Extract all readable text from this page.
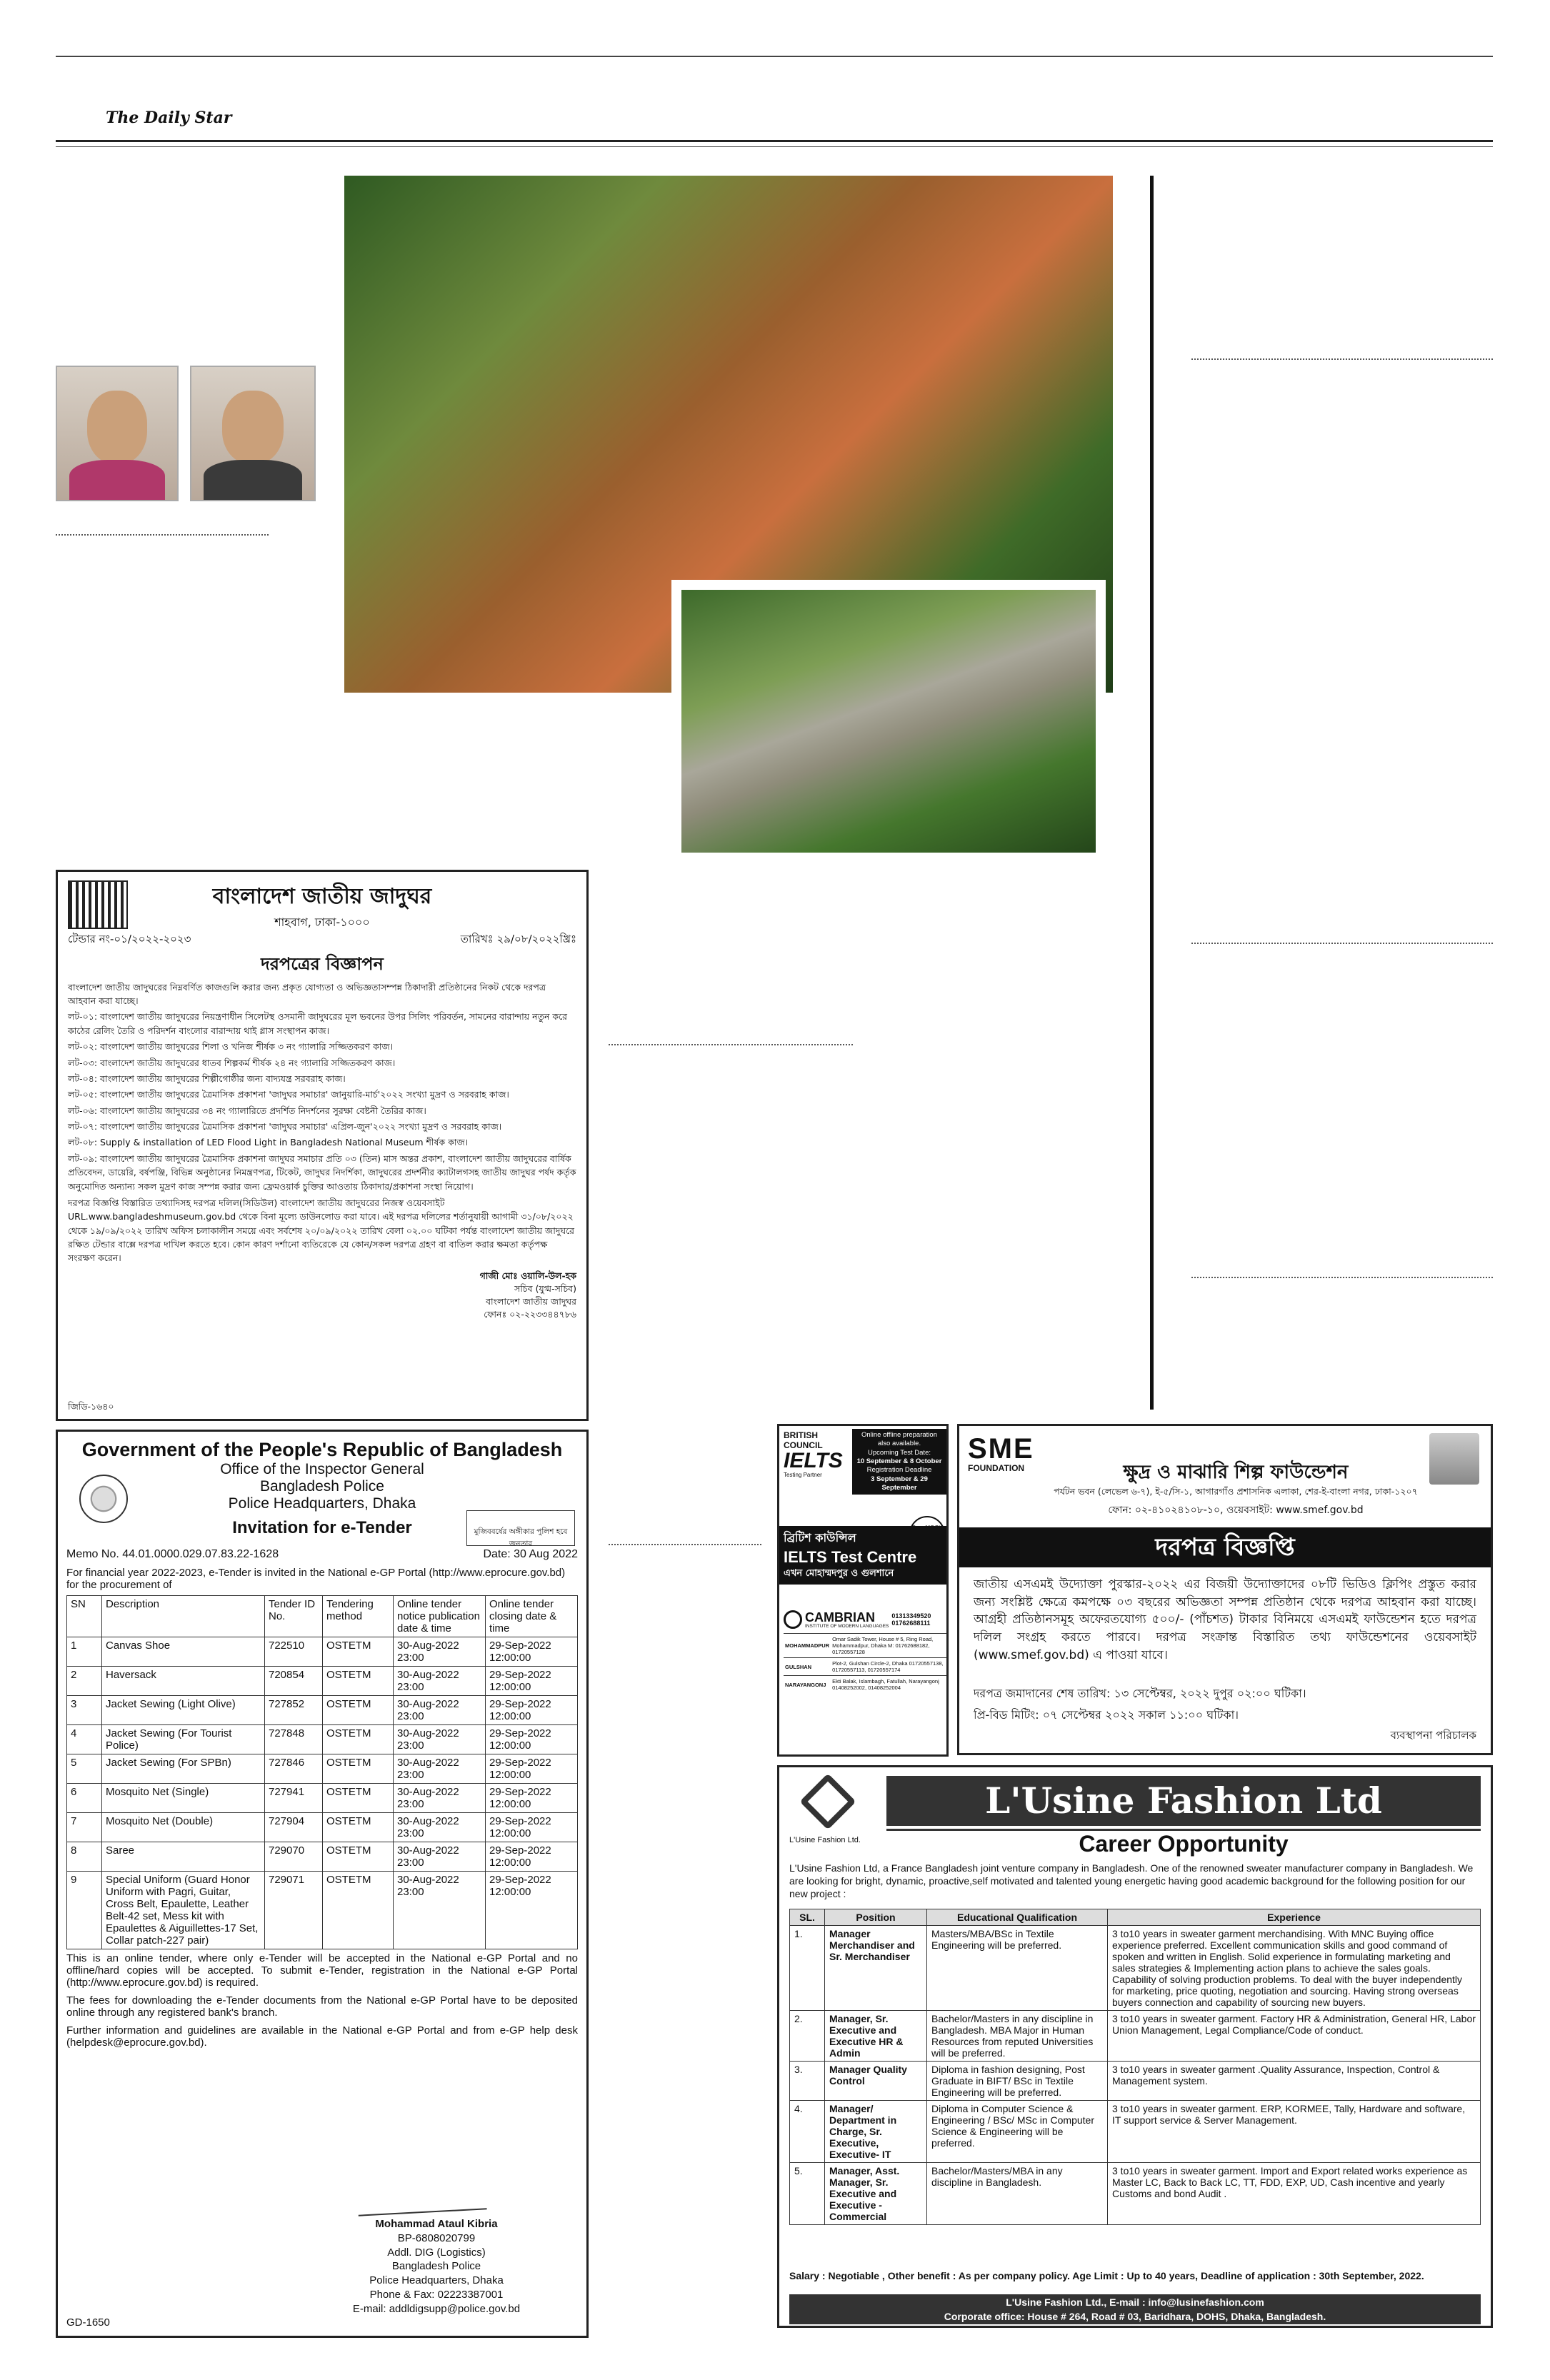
The Daily Star
বাংলাদেশ জাতীয় জাদুঘর
শাহবাগ, ঢাকা-১০০০
টেন্ডার নং-০১/২০২২-২০২৩	তারিখঃ ২৯/০৮/২০২২খ্রিঃ
দরপত্রের বিজ্ঞাপন
বাংলাদেশ জাতীয় জাদুঘরের নিম্নবর্ণিত কাজগুলি করার জন্য প্রকৃত যোগ্যতা ও অভিজ্ঞতাসম্পন্ন ঠিকাদারী প্রতিষ্ঠানের নিকট থেকে দরপত্র আহবান করা যাচ্ছে।
লট-০১: বাংলাদেশ জাতীয় জাদুঘরের নিয়ন্ত্রণাধীন সিলেটস্থ ওসমানী জাদুঘরের মূল ভবনের উপর সিলিং পরিবর্তন, সামনের বারান্দায় নতুন করে কাঠের রেলিং তৈরি ও পরিদর্শন বাংলোর বারান্দায় থাই গ্লাস সংস্থাপন কাজ।
লট-০২: বাংলাদেশ জাতীয় জাদুঘরের শিলা ও খনিজ শীর্ষক ৩ নং গ্যালারি সজ্জিতকরণ কাজ।
লট-০৩: বাংলাদেশ জাতীয় জাদুঘরের ধাতব শিল্পকর্ম শীর্ষক ২৪ নং গ্যালারি সজ্জিতকরণ কাজ।
লট-০৪: বাংলাদেশ জাতীয় জাদুঘরের শিল্পীগোষ্ঠীর জন্য বাদ্যযন্ত্র সরবরাহ কাজ।
লট-০৫: বাংলাদেশ জাতীয় জাদুঘরের ত্রৈমাসিক প্রকাশনা 'জাদুঘর সমাচার' জানুয়ারি-মার্চ'২০২২ সংখ্যা মুদ্রণ ও সরবরাহ কাজ।
লট-০৬: বাংলাদেশ জাতীয় জাদুঘরের ৩৪ নং গ্যালারিতে প্রদর্শিত নিদর্শনের সুরক্ষা বেষ্টনী তৈরির কাজ।
লট-০৭: বাংলাদেশ জাতীয় জাদুঘরের ত্রৈমাসিক প্রকাশনা 'জাদুঘর সমাচার' এপ্রিল-জুন'২০২২ সংখ্যা মুদ্রণ ও সরবরাহ কাজ।
লট-০৮: Supply & installation of LED Flood Light in Bangladesh National Museum শীর্ষক কাজ।
লট-০৯: বাংলাদেশ জাতীয় জাদুঘরের ত্রৈমাসিক প্রকাশনা জাদুঘর সমাচার প্রতি ০৩ (তিন) মাস অন্তর প্রকাশ, বাংলাদেশ জাতীয় জাদুঘরের বার্ষিক প্রতিবেদন, ডায়েরি, বর্ষপঞ্জি, বিভিন্ন অনুষ্ঠানের নিমন্ত্রণপত্র, টিকেট, জাদুঘর নিদর্শিকা, জাদুঘরের প্রদর্শনীর ক্যাটালগসহ জাতীয় জাদুঘর পর্ষদ কর্তৃক অনুমোদিত অন্যান্য সকল মুদ্রণ কাজ সম্পন্ন করার জন্য ফ্রেমওয়ার্ক চুক্তির আওতায় ঠিকাদার/প্রকাশনা সংস্থা নিয়োগ।
দরপত্র বিজ্ঞপ্তি বিস্তারিত তথ্যাদিসহ দরপত্র দলিল(সিডিউল) বাংলাদেশ জাতীয় জাদুঘরের নিজস্ব ওয়েবসাইট URL.www.bangladeshmuseum.gov.bd থেকে বিনা মূল্যে ডাউনলোড করা যাবে। এই দরপত্র দলিলের শর্তানুযায়ী আগামী ৩১/০৮/২০২২ থেকে ১৯/০৯/২০২২ তারিখ অফিস চলাকালীন সময়ে এবং সর্বশেষ ২০/০৯/২০২২ তারিখ বেলা ০২.০০ ঘটিকা পর্যন্ত বাংলাদেশ জাতীয় জাদুঘরে রক্ষিত টেন্ডার বাক্সে দরপত্র দাখিল করতে হবে। কোন কারণ দর্শানো ব্যতিরেকে যে কোন/সকল দরপত্র গ্রহণ বা বাতিল করার ক্ষমতা কর্তৃপক্ষ সংরক্ষণ করেন।
গাজী মোঃ ওয়ালি-উল-হক
সচিব (যুগ্ম-সচিব)
বাংলাদেশ জাতীয় জাদুঘর
ফোনঃ ০২-২২৩৩৪৪৭৮৬
জিডি-১৬৪০
Government of the People's Republic of Bangladesh
মুজিববর্ষের অঙ্গীকার পুলিশ হবে জনতার
Office of the Inspector General
Bangladesh Police
Police Headquarters, Dhaka
Invitation for e-Tender
Memo No. 44.01.0000.029.07.83.22-1628	Date: 30 Aug 2022
For financial year 2022-2023, e-Tender is invited in the National e-GP Portal (http://www.eprocure.gov.bd) for the procurement of
SN	Description	Tender ID No.	Tendering method	Online tender notice publication date & time	Online tender closing date & time
1	Canvas Shoe	722510	OSTETM	30-Aug-2022 23:00	29-Sep-2022 12:00:00
2	Haversack	720854	OSTETM	30-Aug-2022 23:00	29-Sep-2022 12:00:00
3	Jacket Sewing (Light Olive)	727852	OSTETM	30-Aug-2022 23:00	29-Sep-2022 12:00:00
4	Jacket Sewing (For Tourist Police)	727848	OSTETM	30-Aug-2022 23:00	29-Sep-2022 12:00:00
5	Jacket Sewing (For SPBn)	727846	OSTETM	30-Aug-2022 23:00	29-Sep-2022 12:00:00
6	Mosquito Net (Single)	727941	OSTETM	30-Aug-2022 23:00	29-Sep-2022 12:00:00
7	Mosquito Net (Double)	727904	OSTETM	30-Aug-2022 23:00	29-Sep-2022 12:00:00
8	Saree	729070	OSTETM	30-Aug-2022 23:00	29-Sep-2022 12:00:00
9	Special Uniform (Guard Honor Uniform with Pagri, Guitar, Cross Belt, Epaulette, Leather Belt-42 set, Mess kit with Epaulettes & Aiguillettes-17 Set, Collar patch-227 pair)	729071	OSTETM	30-Aug-2022 23:00	29-Sep-2022 12:00:00
This is an online tender, where only e-Tender will be accepted in the National e-GP Portal and no offline/hard copies will be accepted. To submit e-Tender, registration in the National e-GP Portal (http://www.eprocure.gov.bd) is required.
The fees for downloading the e-Tender documents from the National e-GP Portal have to be deposited online through any registered bank's branch.
Further information and guidelines are available in the National e-GP Portal and from e-GP help desk (helpdesk@eprocure.gov.bd).
Mohammad Ataul Kibria
BP-6808020799
Addl. DIG (Logistics)
Bangladesh Police
Police Headquarters, Dhaka
Phone & Fax: 02223387001
E-mail: addldigsupp@police.gov.bd
GD-1650
BRITISH COUNCIL
IELTS
Testing Partner
Online offline preparation also available.
Upcoming Test Date:
10 September & 8 October
Registration Deadline
3 September & 29 September
ব্রিটিশ কাউন্সিল
IELTS Test Centre
এখন মোহাম্মদপুর ও গুলশানে
CAMBRIAN
INSTITUTE OF MODERN LANGUAGES
01313349520 01762688111
MOHAMMADPUR	Omar Sadik Tower, House # 5, Ring Road, Mohammadpur, Dhaka M: 01762688182, 01720557128
GULSHAN	Plot-2, Gulshan Circle-2, Dhaka 01720557138, 01720557113, 01720557174
NARAYANGONJ	Ekti Balak, Islambagh, Fatullah, Narayangonj 01408252002, 01408252004
SME
FOUNDATION	ক্ষুদ্র ও মাঝারি শিল্প ফাউন্ডেশন
পর্যটন ভবন (লেভেল ৬-৭), ই-৫/সি-১, আগারগাঁও প্রশাসনিক এলাকা, শের-ই-বাংলা নগর, ঢাকা-১২০৭
ফোন: ০২-৪১০২৪১০৮-১০, ওয়েবসাইট: www.smef.gov.bd
দরপত্র বিজ্ঞপ্তি
জাতীয় এসএমই উদ্যোক্তা পুরস্কার-২০২২ এর বিজয়ী উদ্যোক্তাদের ০৮টি ভিডিও ক্লিপিং প্রস্তুত করার জন্য সংশ্লিষ্ট ক্ষেত্রে কমপক্ষে ০৩ বছরের অভিজ্ঞতা সম্পন্ন প্রতিষ্ঠান থেকে দরপত্র আহবান করা যাচ্ছে। আগ্রহী প্রতিষ্ঠানসমূহ অফেরতযোগ্য ৫০০/- (পাঁচশত) টাকার বিনিময়ে এসএমই ফাউন্ডেশন হতে দরপত্র দলিল সংগ্রহ করতে পারবে। দরপত্র সংক্রান্ত বিস্তারিত তথ্য ফাউন্ডেশনের ওয়েবসাইট (www.smef.gov.bd) এ পাওয়া যাবে।
দরপত্র জমাদানের শেষ তারিখ: ১৩ সেপ্টেম্বর, ২০২২ দুপুর ০২:০০ ঘটিকা।
প্রি-বিড মিটিং: ০৭ সেপ্টেম্বর ২০২২ সকাল ১১:০০ ঘটিকা।
ব্যবস্থাপনা পরিচালক
L'Usine Fashion Ltd.
L'Usine Fashion Ltd
Career Opportunity
L'Usine Fashion Ltd, a France Bangladesh joint venture company in Bangladesh. One of the renowned sweater manufacturer company in Bangladesh. We are looking for bright, dynamic, proactive,self motivated and talented young energetic having good academic background for the following position for our new project :
SL.	Position	Educational Qualification	Experience
1.	Manager Merchandiser and Sr. Merchandiser	Masters/MBA/BSc in Textile Engineering will be preferred.	3 to10 years in sweater garment merchandising. With MNC Buying office experience preferred. Excellent communication skills and good command of spoken and written in English. Solid experience in formulating marketing and sales strategies & Implementing action plans to achieve the sales goals. Capability of solving production problems. To deal with the buyer independently for marketing, price quoting, negotiation and sourcing. Having strong overseas buyers connection and capability of sourcing new buyers.
2.	Manager, Sr. Executive and Executive HR & Admin	Bachelor/Masters in any discipline in Bangladesh. MBA Major in Human Resources from reputed Universities will be preferred.	3 to10 years in sweater garment. Factory HR & Administration, General HR, Labor Union Management, Legal Compliance/Code of conduct.
3.	Manager Quality Control	Diploma in fashion designing, Post Graduate in BIFT/ BSc in Textile Engineering will be preferred.	3 to10 years in sweater garment .Quality Assurance, Inspection, Control & Management system.
4.	Manager/ Department in Charge, Sr. Executive, Executive- IT	Diploma in Computer Science & Engineering / BSc/ MSc in Computer Science & Engineering will be preferred.	3 to10 years in sweater garment. ERP, KORMEE, Tally, Hardware and software, IT support service & Server Management.
5.	Manager, Asst. Manager, Sr. Executive and Executive -Commercial	Bachelor/Masters/MBA in any discipline in Bangladesh.	3 to10 years in sweater garment. Import and Export related works experience as Master LC, Back to Back LC, TT, FDD, EXP, UD, Cash incentive and yearly Customs and bond Audit .
Salary : Negotiable , Other benefit : As per company policy. Age Limit : Up to 40 years, Deadline of application : 30th September, 2022.
L'Usine Fashion Ltd., E-mail : info@lusinefashion.com
Corporate office: House # 264, Road # 03, Baridhara, DOHS, Dhaka, Bangladesh.
